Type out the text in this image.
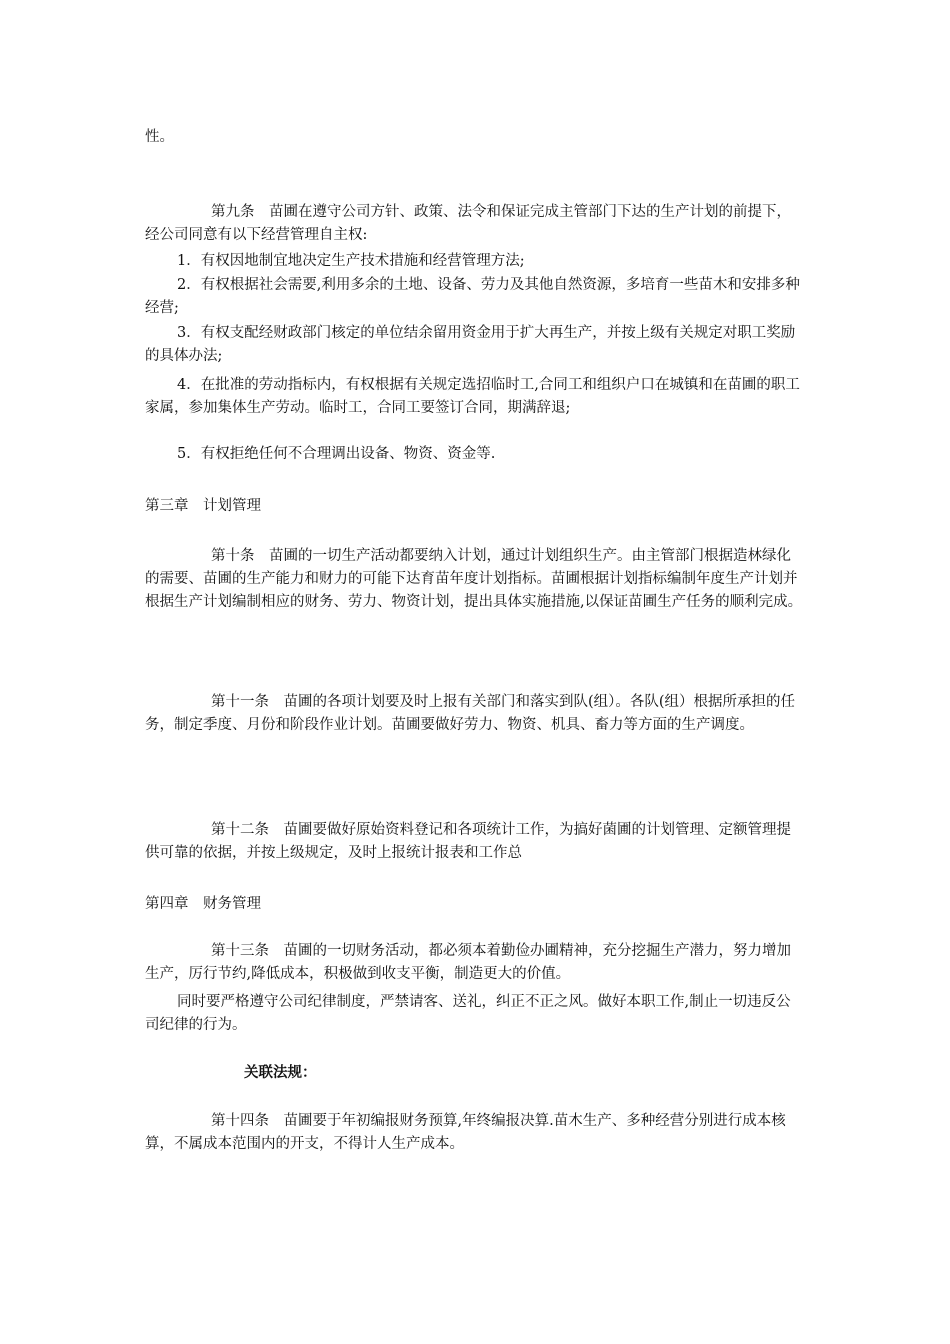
性。

第九条　苗圃在遵守公司方针、政策、法令和保证完成主管部门下达的生产计划的前提下，经公司同意有以下经营管理自主权:

1．有权因地制宜地决定生产技术措施和经营管理方法;

2．有权根据社会需要,利用多余的土地、设备、劳力及其他自然资源，多培育一些苗木和安排多种经营;

3．有权支配经财政部门核定的单位结余留用资金用于扩大再生产，并按上级有关规定对职工奖励的具体办法;

4．在批准的劳动指标内，有权根据有关规定选招临时工,合同工和组织户口在城镇和在苗圃的职工家属，参加集体生产劳动。临时工，合同工要签订合同，期满辞退;

5．有权拒绝任何不合理调出设备、物资、资金等.

第三章　计划管理

第十条　苗圃的一切生产活动都要纳入计划，通过计划组织生产。由主管部门根据造林绿化的需要、苗圃的生产能力和财力的可能下达育苗年度计划指标。苗圃根据计划指标编制年度生产计划并根据生产计划编制相应的财务、劳力、物资计划，提出具体实施措施,以保证苗圃生产任务的顺利完成。

第十一条　苗圃的各项计划要及时上报有关部门和落实到队(组）。各队(组）根据所承担的任务，制定季度、月份和阶段作业计划。苗圃要做好劳力、物资、机具、畜力等方面的生产调度。

第十二条　苗圃要做好原始资料登记和各项统计工作，为搞好菌圃的计划管理、定额管理提供可靠的依据，并按上级规定，及时上报统计报表和工作总

第四章　财务管理

第十三条　苗圃的一切财务活动，都必须本着勤俭办圃精神，充分挖掘生产潜力，努力增加生产，厉行节约,降低成本，积极做到收支平衡，制造更大的价值。

同时要严格遵守公司纪律制度，严禁请客、送礼，纠正不正之风。做好本职工作,制止一切违反公司纪律的行为。

关联法规：

第十四条　苗圃要于年初编报财务预算,年终编报决算.苗木生产、多种经营分别进行成本核算，不属成本范围内的开支，不得计人生产成本。
